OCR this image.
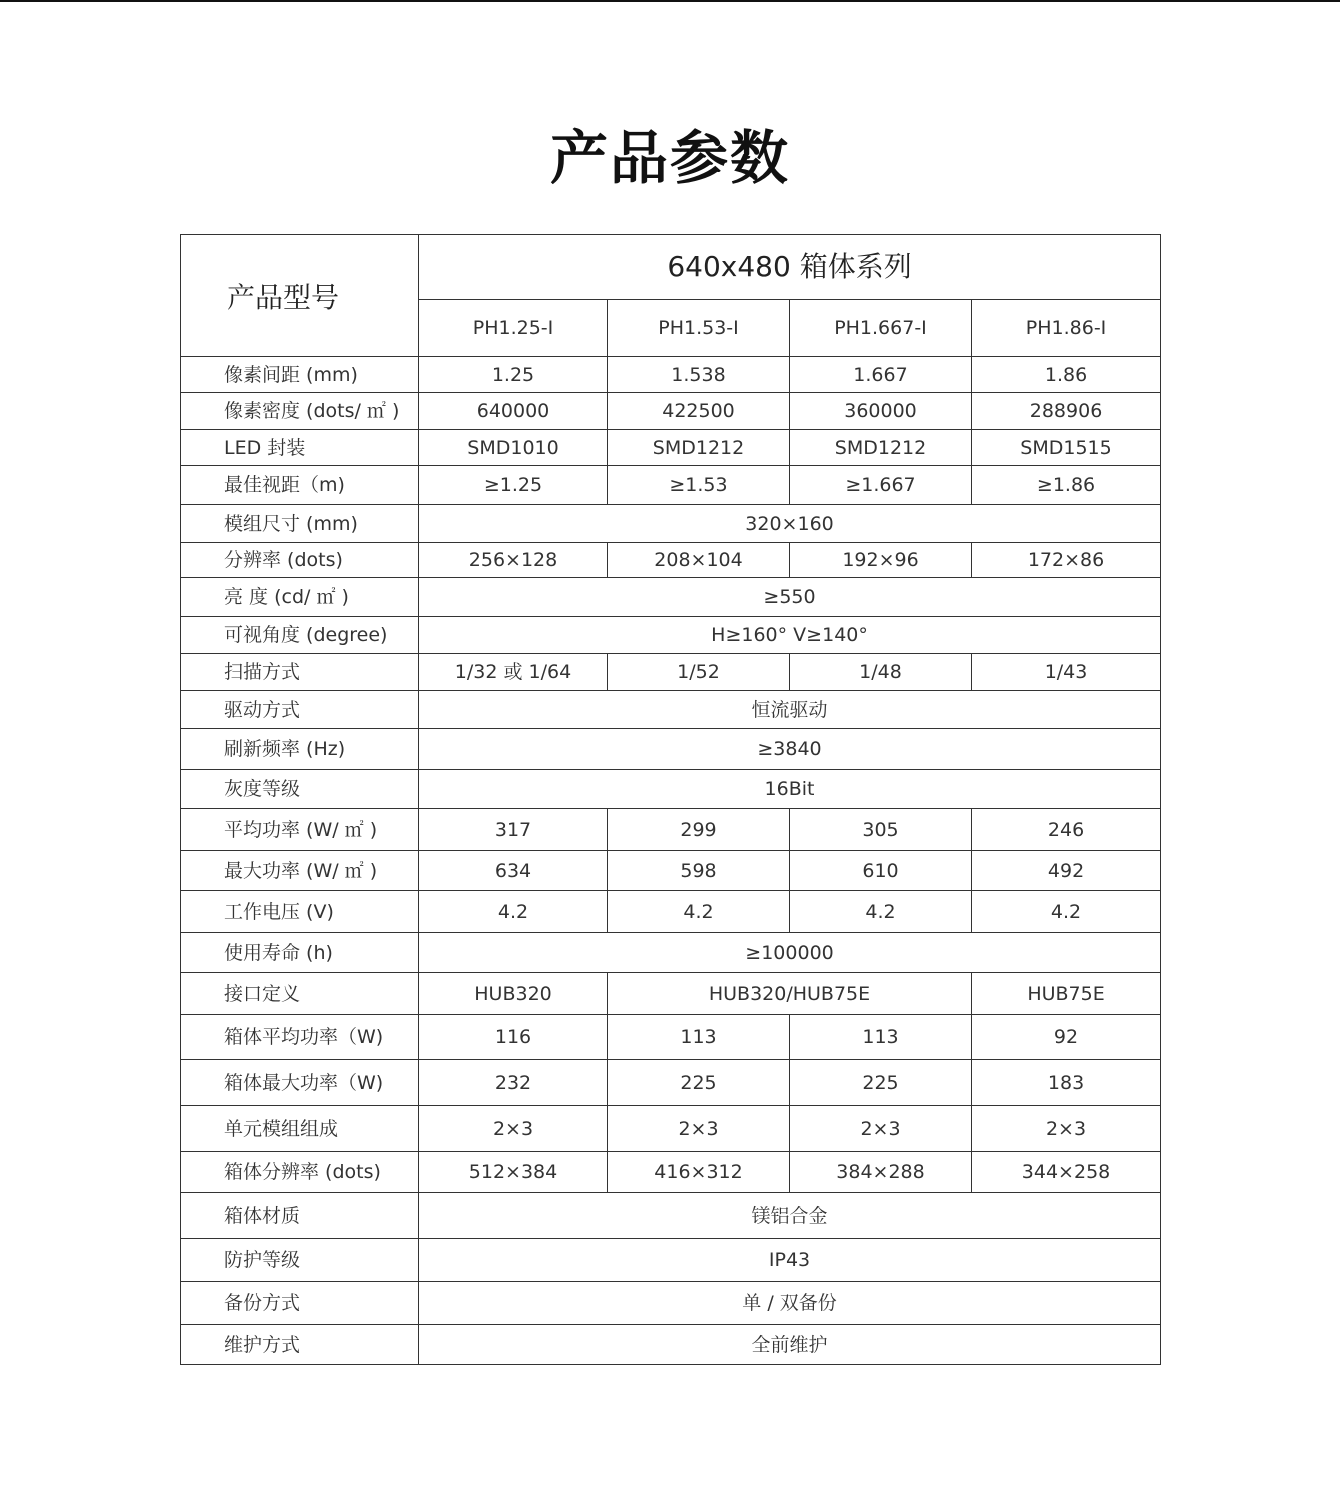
产品参数
产品型号	640x480 箱体系列			
	PH1.25-I	PH1.53-I	PH1.667-I	PH1.86-I
像素间距 (mm)	1.25	1.538	1.667	1.86
像素密度 (dots/ ㎡ )	640000	422500	360000	288906
LED 封装	SMD1010	SMD1212	SMD1212	SMD1515
最佳视距（m)	≥1.25	≥1.53	≥1.667	≥1.86
模组尺寸 (mm)	320×160			
分辨率 (dots)	256×128	208×104	192×96	172×86
亮 度 (cd/ ㎡ )	≥550			
可视角度 (degree)	H≥160° V≥140°			
扫描方式	1/32 或 1/64	1/52	1/48	1/43
驱动方式	恒流驱动			
刷新频率 (Hz)	≥3840			
灰度等级	16Bit			
平均功率 (W/ ㎡ )	317	299	305	246
最大功率 (W/ ㎡ )	634	598	610	492
工作电压 (V)	4.2	4.2	4.2	4.2
使用寿命 (h)	≥100000			
接口定义	HUB320	HUB320/HUB75E		HUB75E
箱体平均功率（W)	116	113	113	92
箱体最大功率（W)	232	225	225	183
单元模组组成	2×3	2×3	2×3	2×3
箱体分辨率 (dots)	512×384	416×312	384×288	344×258
箱体材质	镁铝合金			
防护等级	IP43			
备份方式	单 / 双备份			
维护方式	全前维护			
